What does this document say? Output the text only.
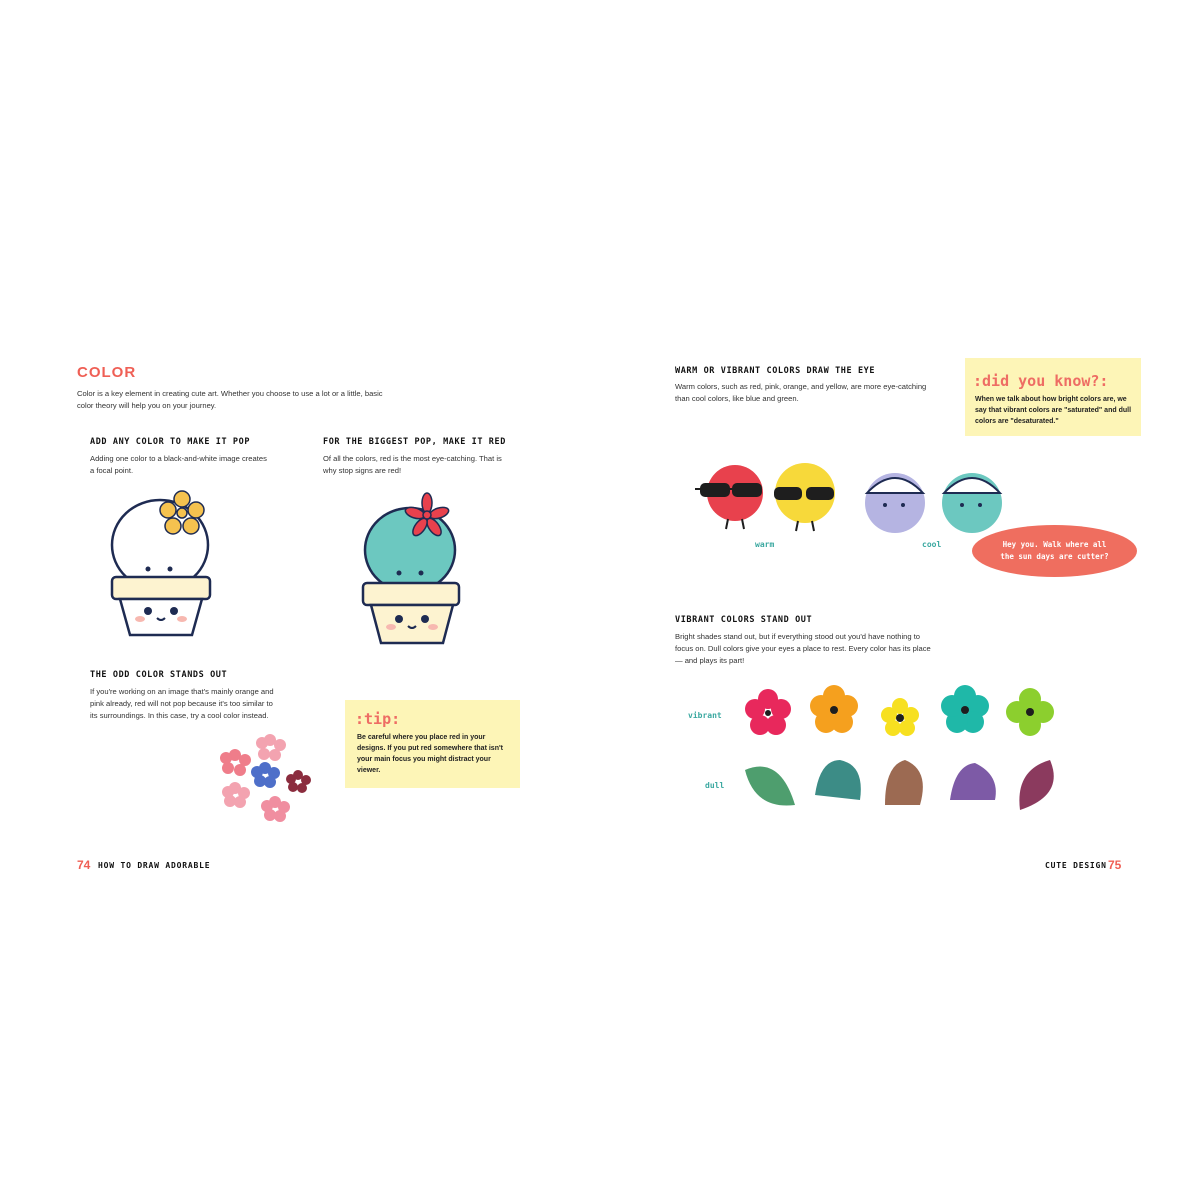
COLOR
Color is a key element in creating cute art. Whether you choose to use a lot or a little, basic color theory will help you on your journey.
ADD ANY COLOR TO MAKE IT POP
Adding one color to a black-and-white image creates a focal point.
FOR THE BIGGEST POP, MAKE IT RED
Of all the colors, red is the most eye-catching. That is why stop signs are red!
THE ODD COLOR STANDS OUT
If you're working on an image that's mainly orange and pink already, red will not pop because it's too similar to its surroundings. In this case, try a cool color instead.	:tip:
Be careful where you place red in your designs. If you put red somewhere that isn't your main focus you might distract your viewer.
74 HOW TO DRAW ADORABLE
WARM OR VIBRANT COLORS DRAW THE EYE
Warm colors, such as red, pink, orange, and yellow, are more eye-catching than cool colors, like blue and green.
:did you know?:
When we talk about how bright colors are, we say that vibrant colors are "saturated" and dull colors are "desaturated."
warm	cool	Hey you. Walk where all the sun days are cutter?
VIBRANT COLORS STAND OUT
Bright shades stand out, but if everything stood out you'd have nothing to focus on. Dull colors give your eyes a place to rest. Every color has its place — and plays its part!
vibrant
dull
CUTE DESIGN 75
